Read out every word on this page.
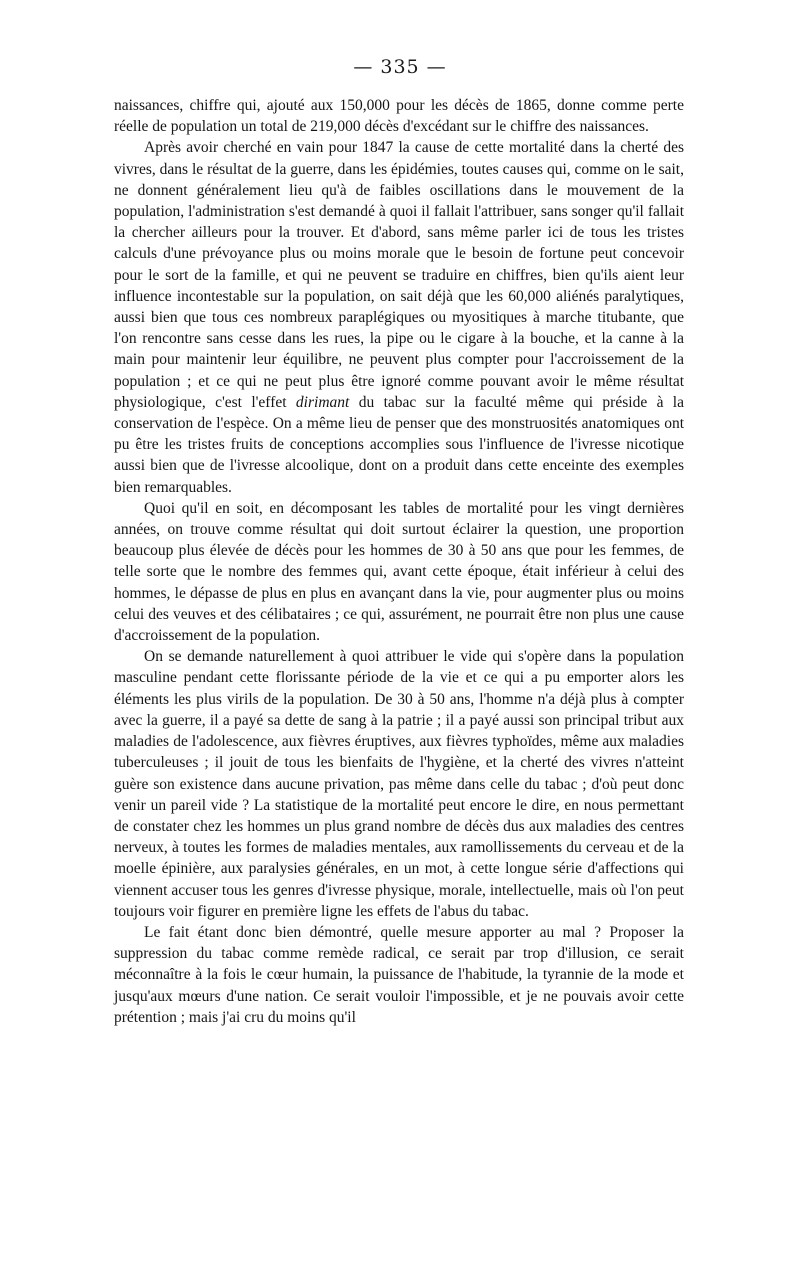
— 335 —

naissances, chiffre qui, ajouté aux 150,000 pour les décès de 1865, donne comme perte réelle de population un total de 219,000 décès d'excédant sur le chiffre des naissances.

Après avoir cherché en vain pour 1847 la cause de cette mortalité dans la cherté des vivres, dans le résultat de la guerre, dans les épidémies, toutes causes qui, comme on le sait, ne donnent généralement lieu qu'à de faibles oscillations dans le mouvement de la population, l'administration s'est demandé à quoi il fallait l'attribuer, sans songer qu'il fallait la chercher ailleurs pour la trouver. Et d'abord, sans même parler ici de tous les tristes calculs d'une prévoyance plus ou moins morale que le besoin de fortune peut concevoir pour le sort de la famille, et qui ne peuvent se traduire en chiffres, bien qu'ils aient leur influence incontestable sur la population, on sait déjà que les 60,000 aliénés paralytiques, aussi bien que tous ces nombreux paraplégiques ou myositiques à marche titubante, que l'on rencontre sans cesse dans les rues, la pipe ou le cigare à la bouche, et la canne à la main pour maintenir leur équilibre, ne peuvent plus compter pour l'accroissement de la population ; et ce qui ne peut plus être ignoré comme pouvant avoir le même résultat physiologique, c'est l'effet dirimant du tabac sur la faculté même qui préside à la conservation de l'espèce. On a même lieu de penser que des monstruosités anatomiques ont pu être les tristes fruits de conceptions accomplies sous l'influence de l'ivresse nicotique aussi bien que de l'ivresse alcoolique, dont on a produit dans cette enceinte des exemples bien remarquables.

Quoi qu'il en soit, en décomposant les tables de mortalité pour les vingt dernières années, on trouve comme résultat qui doit surtout éclairer la question, une proportion beaucoup plus élevée de décès pour les hommes de 30 à 50 ans que pour les femmes, de telle sorte que le nombre des femmes qui, avant cette époque, était inférieur à celui des hommes, le dépasse de plus en plus en avançant dans la vie, pour augmenter plus ou moins celui des veuves et des célibataires ; ce qui, assurément, ne pourrait être non plus une cause d'accroissement de la population.

On se demande naturellement à quoi attribuer le vide qui s'opère dans la population masculine pendant cette florissante période de la vie et ce qui a pu emporter alors les éléments les plus virils de la population. De 30 à 50 ans, l'homme n'a déjà plus à compter avec la guerre, il a payé sa dette de sang à la patrie ; il a payé aussi son principal tribut aux maladies de l'adolescence, aux fièvres éruptives, aux fièvres typhoïdes, même aux maladies tuberculeuses ; il jouit de tous les bienfaits de l'hygiène, et la cherté des vivres n'atteint guère son existence dans aucune privation, pas même dans celle du tabac ; d'où peut donc venir un pareil vide ? La statistique de la mortalité peut encore le dire, en nous permettant de constater chez les hommes un plus grand nombre de décès dus aux maladies des centres nerveux, à toutes les formes de maladies mentales, aux ramollissements du cerveau et de la moelle épinière, aux paralysies générales, en un mot, à cette longue série d'affections qui viennent accuser tous les genres d'ivresse physique, morale, intellectuelle, mais où l'on peut toujours voir figurer en première ligne les effets de l'abus du tabac.

Le fait étant donc bien démontré, quelle mesure apporter au mal ? Proposer la suppression du tabac comme remède radical, ce serait par trop d'illusion, ce serait méconnaître à la fois le cœur humain, la puissance de l'habitude, la tyrannie de la mode et jusqu'aux mœurs d'une nation. Ce serait vouloir l'impossible, et je ne pouvais avoir cette prétention ; mais j'ai cru du moins qu'il
